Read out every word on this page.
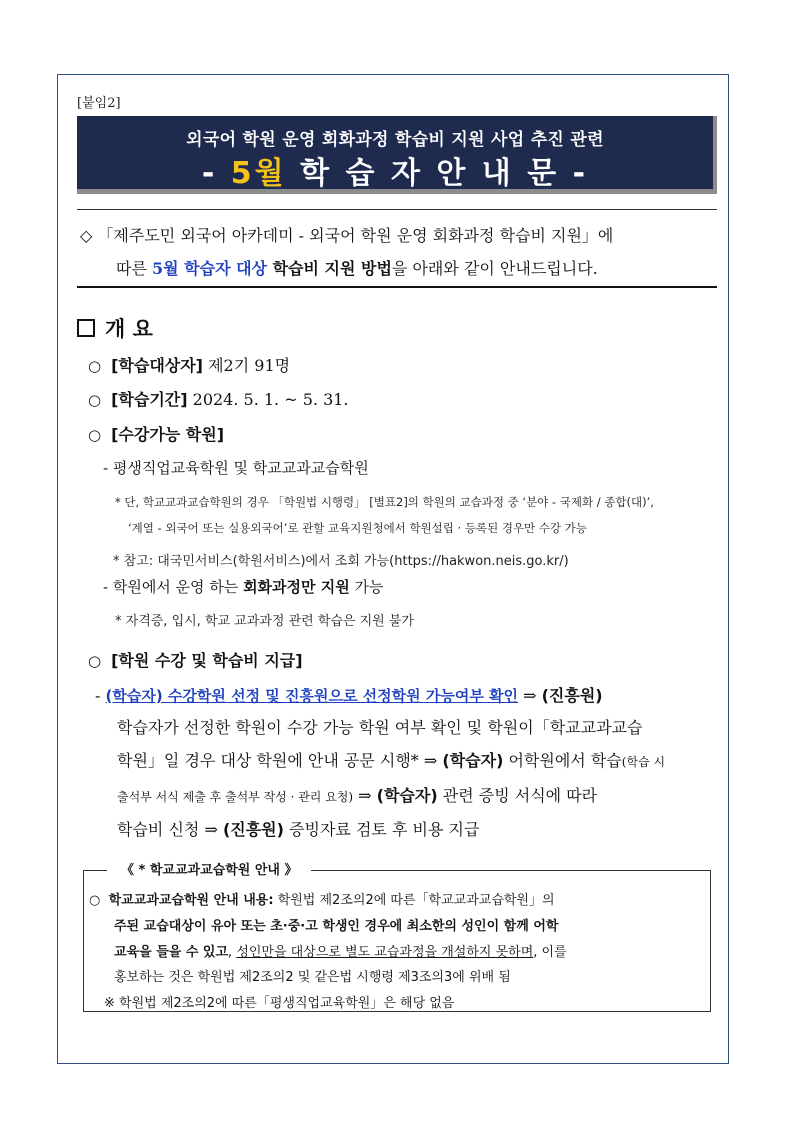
[붙임2]
외국어 학원 운영 회화과정 학습비 지원 사업 추진 관련
- 5월 학 습 자 안 내 문 -
◇ 「제주도민 외국어 아카데미 - 외국어 학원 운영 회화과정 학습비 지원」에
따른 5월 학습자 대상 학습비 지원 방법을 아래와 같이 안내드립니다.
개 요
○ [학습대상자] 제2기 91명
○ [학습기간] 2024. 5. 1. ~ 5. 31.
○ [수강가능 학원]
- 평생직업교육학원 및 학교교과교습학원
* 단, 학교교과교습학원의 경우 「학원법 시행령」 [별표2]의 학원의 교습과정 중 ‘분야 - 국제화 / 종합(대)’,
‘계열 - 외국어 또는 실용외국어’로 관할 교육지원청에서 학원설립 · 등록된 경우만 수강 가능
* 참고: 대국민서비스(학원서비스)에서 조회 가능(https://hakwon.neis.go.kr/)
- 학원에서 운영 하는 회화과정만 지원 가능
* 자격증, 입시, 학교 교과과정 관련 학습은 지원 불가
○ [학원 수강 및 학습비 지급]
- (학습자) 수강학원 선정 및 진흥원으로 선정학원 가능여부 확인 ⇒ (진흥원)
학습자가 선정한 학원이 수강 가능 학원 여부 확인 및 학원이「학교교과교습
학원」일 경우 대상 학원에 안내 공문 시행* ⇒ (학습자) 어학원에서 학습(학습 시
출석부 서식 제출 후 출석부 작성 · 관리 요청) ⇒ (학습자) 관련 증빙 서식에 따라
학습비 신청 ⇒ (진흥원) 증빙자료 검토 후 비용 지급
《 * 학교교과교습학원 안내 》
○ 학교교과교습학원 안내 내용: 학원법 제2조의2에 따른「학교교과교습학원」의
주된 교습대상이 유아 또는 초·중·고 학생인 경우에 최소한의 성인이 함께 어학
교육을 들을 수 있고, 성인만을 대상으로 별도 교습과정을 개설하지 못하며, 이를
홍보하는 것은 학원법 제2조의2 및 같은법 시행령 제3조의3에 위배 됨
※ 학원법 제2조의2에 따른「평생직업교육학원」은 해당 없음
